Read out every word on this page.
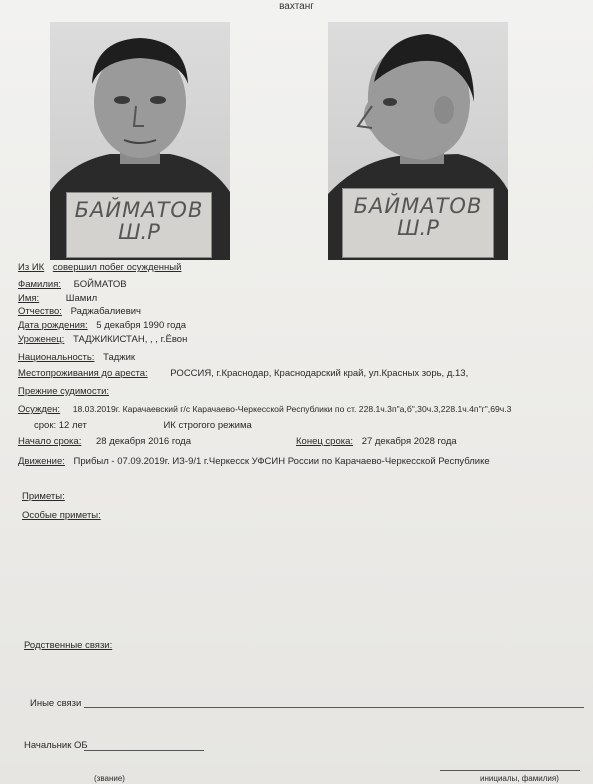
вахтанг
БАЙМАТОВ
Ш.Р
БАЙМАТОВ
Ш.Р
Из ИК совершил побег осужденный
Фамилия: БОЙМАТОВ
Имя:	Шамил
Отчество: Раджабалиевич
Дата рождения: 5 декабря 1990 года
Уроженец: ТАДЖИКИСТАН, , , г.Ёвон
Национальность: Таджик
Местопроживания до ареста: РОССИЯ, г.Краснодар, Краснодарский край, ул.Красных зорь, д.13,
Прежние судимости:
Осужден: 18.03.2019г. Карачаевский г/с Карачаево-Черкесской Республики по ст. 228.1ч.3п"а,б",30ч.3,228.1ч.4п"г",69ч.3
срок: 12 лет	ИК строгого режима
Начало срока: 28 декабря 2016 года	Конец срока: 27 декабря 2028 года
Движение: Прибыл - 07.09.2019г. ИЗ-9/1 г.Черкесск УФСИН России по Карачаево-Черкесской Республике
Приметы:
Особые приметы:
Родственные связи:
Иные связи
Начальник ОБ
(звание)	инициалы, фамилия)
